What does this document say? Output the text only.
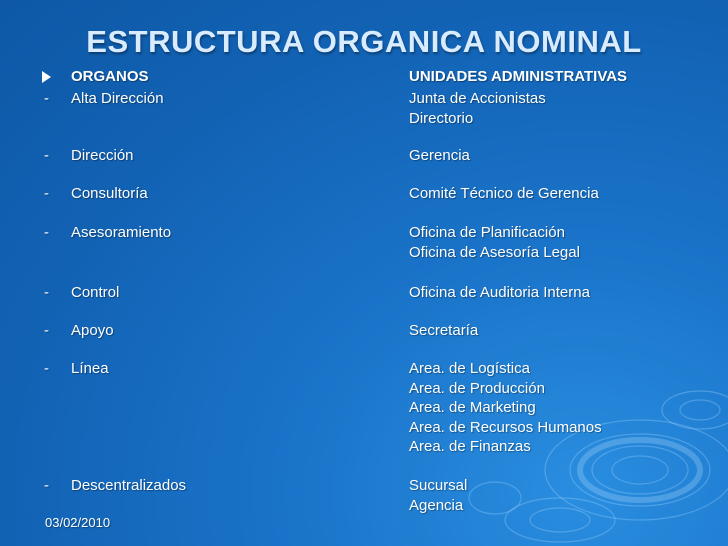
ESTRUCTURA ORGANICA NOMINAL
ORGANOS	UNIDADES ADMINISTRATIVAS
-	Alta Dirección	Junta de Accionistas
Directorio
-	Dirección	Gerencia
-	Consultoría	Comité Técnico de Gerencia
-	Asesoramiento	Oficina de Planificación
Oficina de Asesoría Legal
-	Control	Oficina de Auditoria Interna
-	Apoyo	Secretaría
-	Línea	Area. de Logística
Area. de Producción
Area. de Marketing
Area. de Recursos Humanos
Area. de Finanzas
-	Descentralizados	Sucursal
Agencia
03/02/2010
